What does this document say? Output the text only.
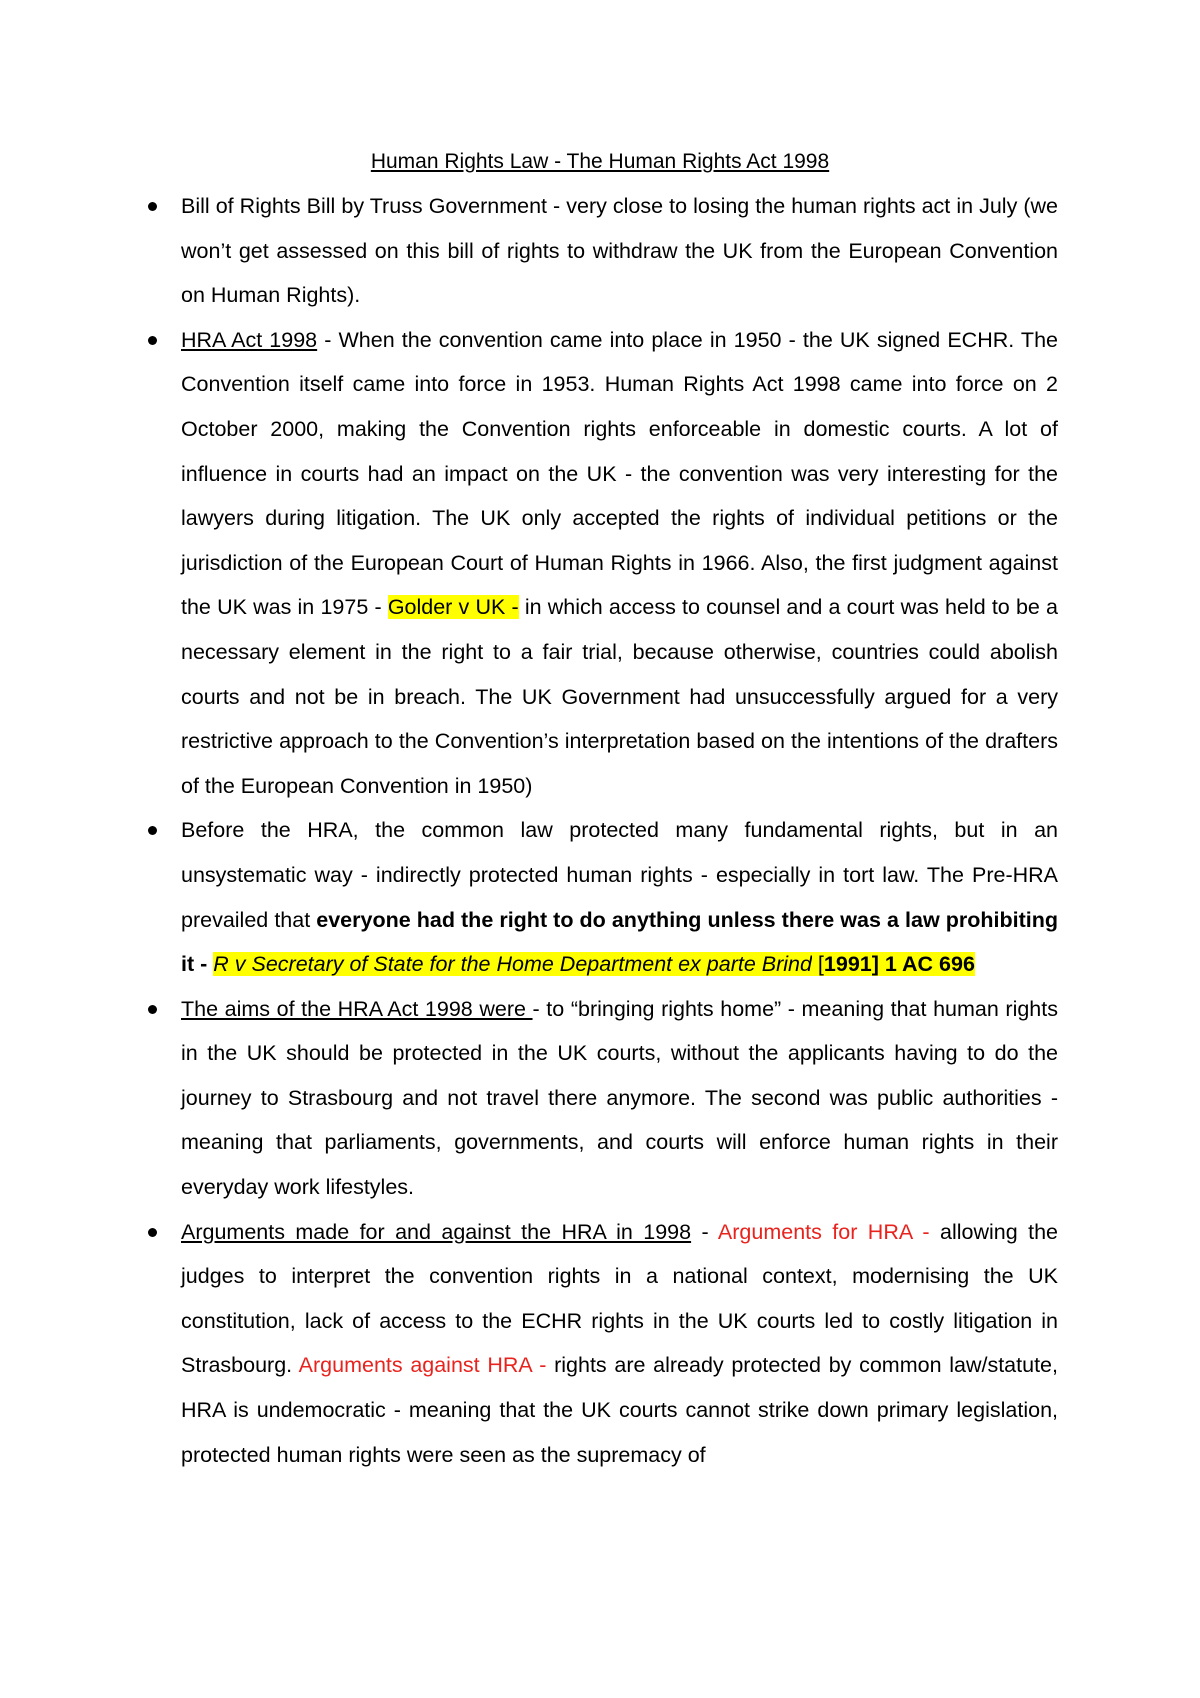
Human Rights Law - The Human Rights Act 1998
Bill of Rights Bill by Truss Government - very close to losing the human rights act in July (we won’t get assessed on this bill of rights to withdraw the UK from the European Convention on Human Rights).
HRA Act 1998 - When the convention came into place in 1950 - the UK signed ECHR. The Convention itself came into force in 1953. Human Rights Act 1998 came into force on 2 October 2000, making the Convention rights enforceable in domestic courts. A lot of influence in courts had an impact on the UK - the convention was very interesting for the lawyers during litigation. The UK only accepted the rights of individual petitions or the jurisdiction of the European Court of Human Rights in 1966. Also, the first judgment against the UK was in 1975 - Golder v UK - in which access to counsel and a court was held to be a necessary element in the right to a fair trial, because otherwise, countries could abolish courts and not be in breach. The UK Government had unsuccessfully argued for a very restrictive approach to the Convention’s interpretation based on the intentions of the drafters of the European Convention in 1950)
Before the HRA, the common law protected many fundamental rights, but in an unsystematic way - indirectly protected human rights - especially in tort law. The Pre-HRA prevailed that everyone had the right to do anything unless there was a law prohibiting it - R v Secretary of State for the Home Department ex parte Brind [1991] 1 AC 696
The aims of the HRA Act 1998 were - to “bringing rights home” - meaning that human rights in the UK should be protected in the UK courts, without the applicants having to do the journey to Strasbourg and not travel there anymore. The second was public authorities - meaning that parliaments, governments, and courts will enforce human rights in their everyday work lifestyles.
Arguments made for and against the HRA in 1998 - Arguments for HRA - allowing the judges to interpret the convention rights in a national context, modernising the UK constitution, lack of access to the ECHR rights in the UK courts led to costly litigation in Strasbourg. Arguments against HRA - rights are already protected by common law/statute, HRA is undemocratic - meaning that the UK courts cannot strike down primary legislation, protected human rights were seen as the supremacy of
